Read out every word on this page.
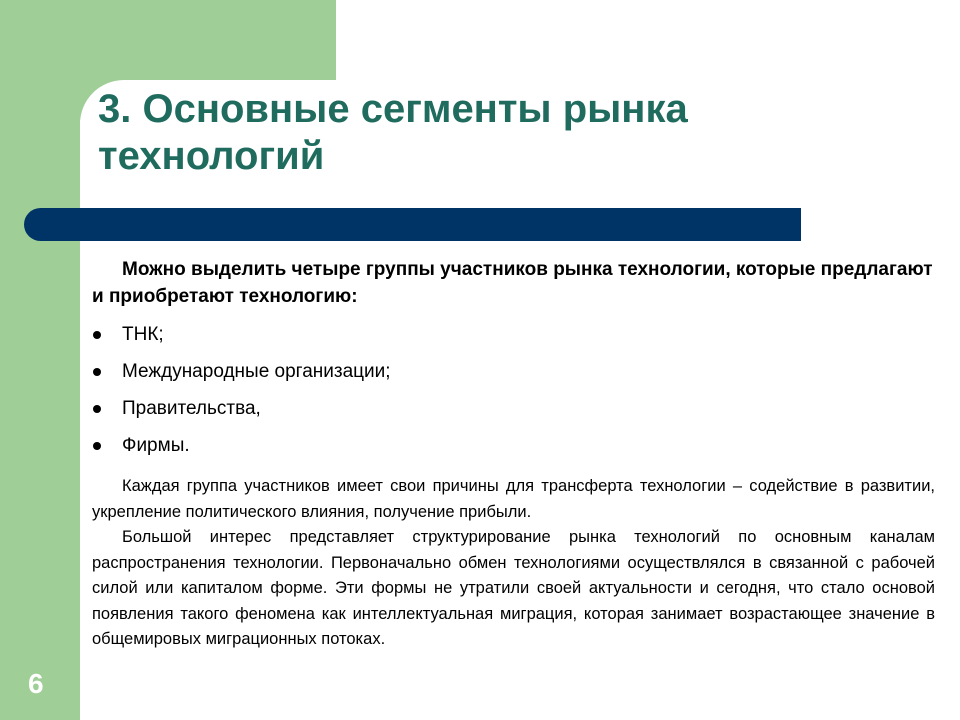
3. Основные сегменты рынка технологий

Можно выделить четыре группы участников рынка технологии, которые предлагают и приобретают технологию:

ТНК;
Международные организации;
Правительства,
Фирмы.

Каждая группа участников имеет свои причины для трансферта технологии – содействие в развитии, укрепление политического влияния, получение прибыли.

Большой интерес представляет структурирование рынка технологий по основным каналам распространения технологии. Первоначально обмен технологиями осуществлялся в связанной с рабочей силой или капиталом форме. Эти формы не утратили своей актуальности и сегодня, что стало основой появления такого феномена как интеллектуальная миграция, которая занимает возрастающее значение в общемировых миграционных потоках.

6
